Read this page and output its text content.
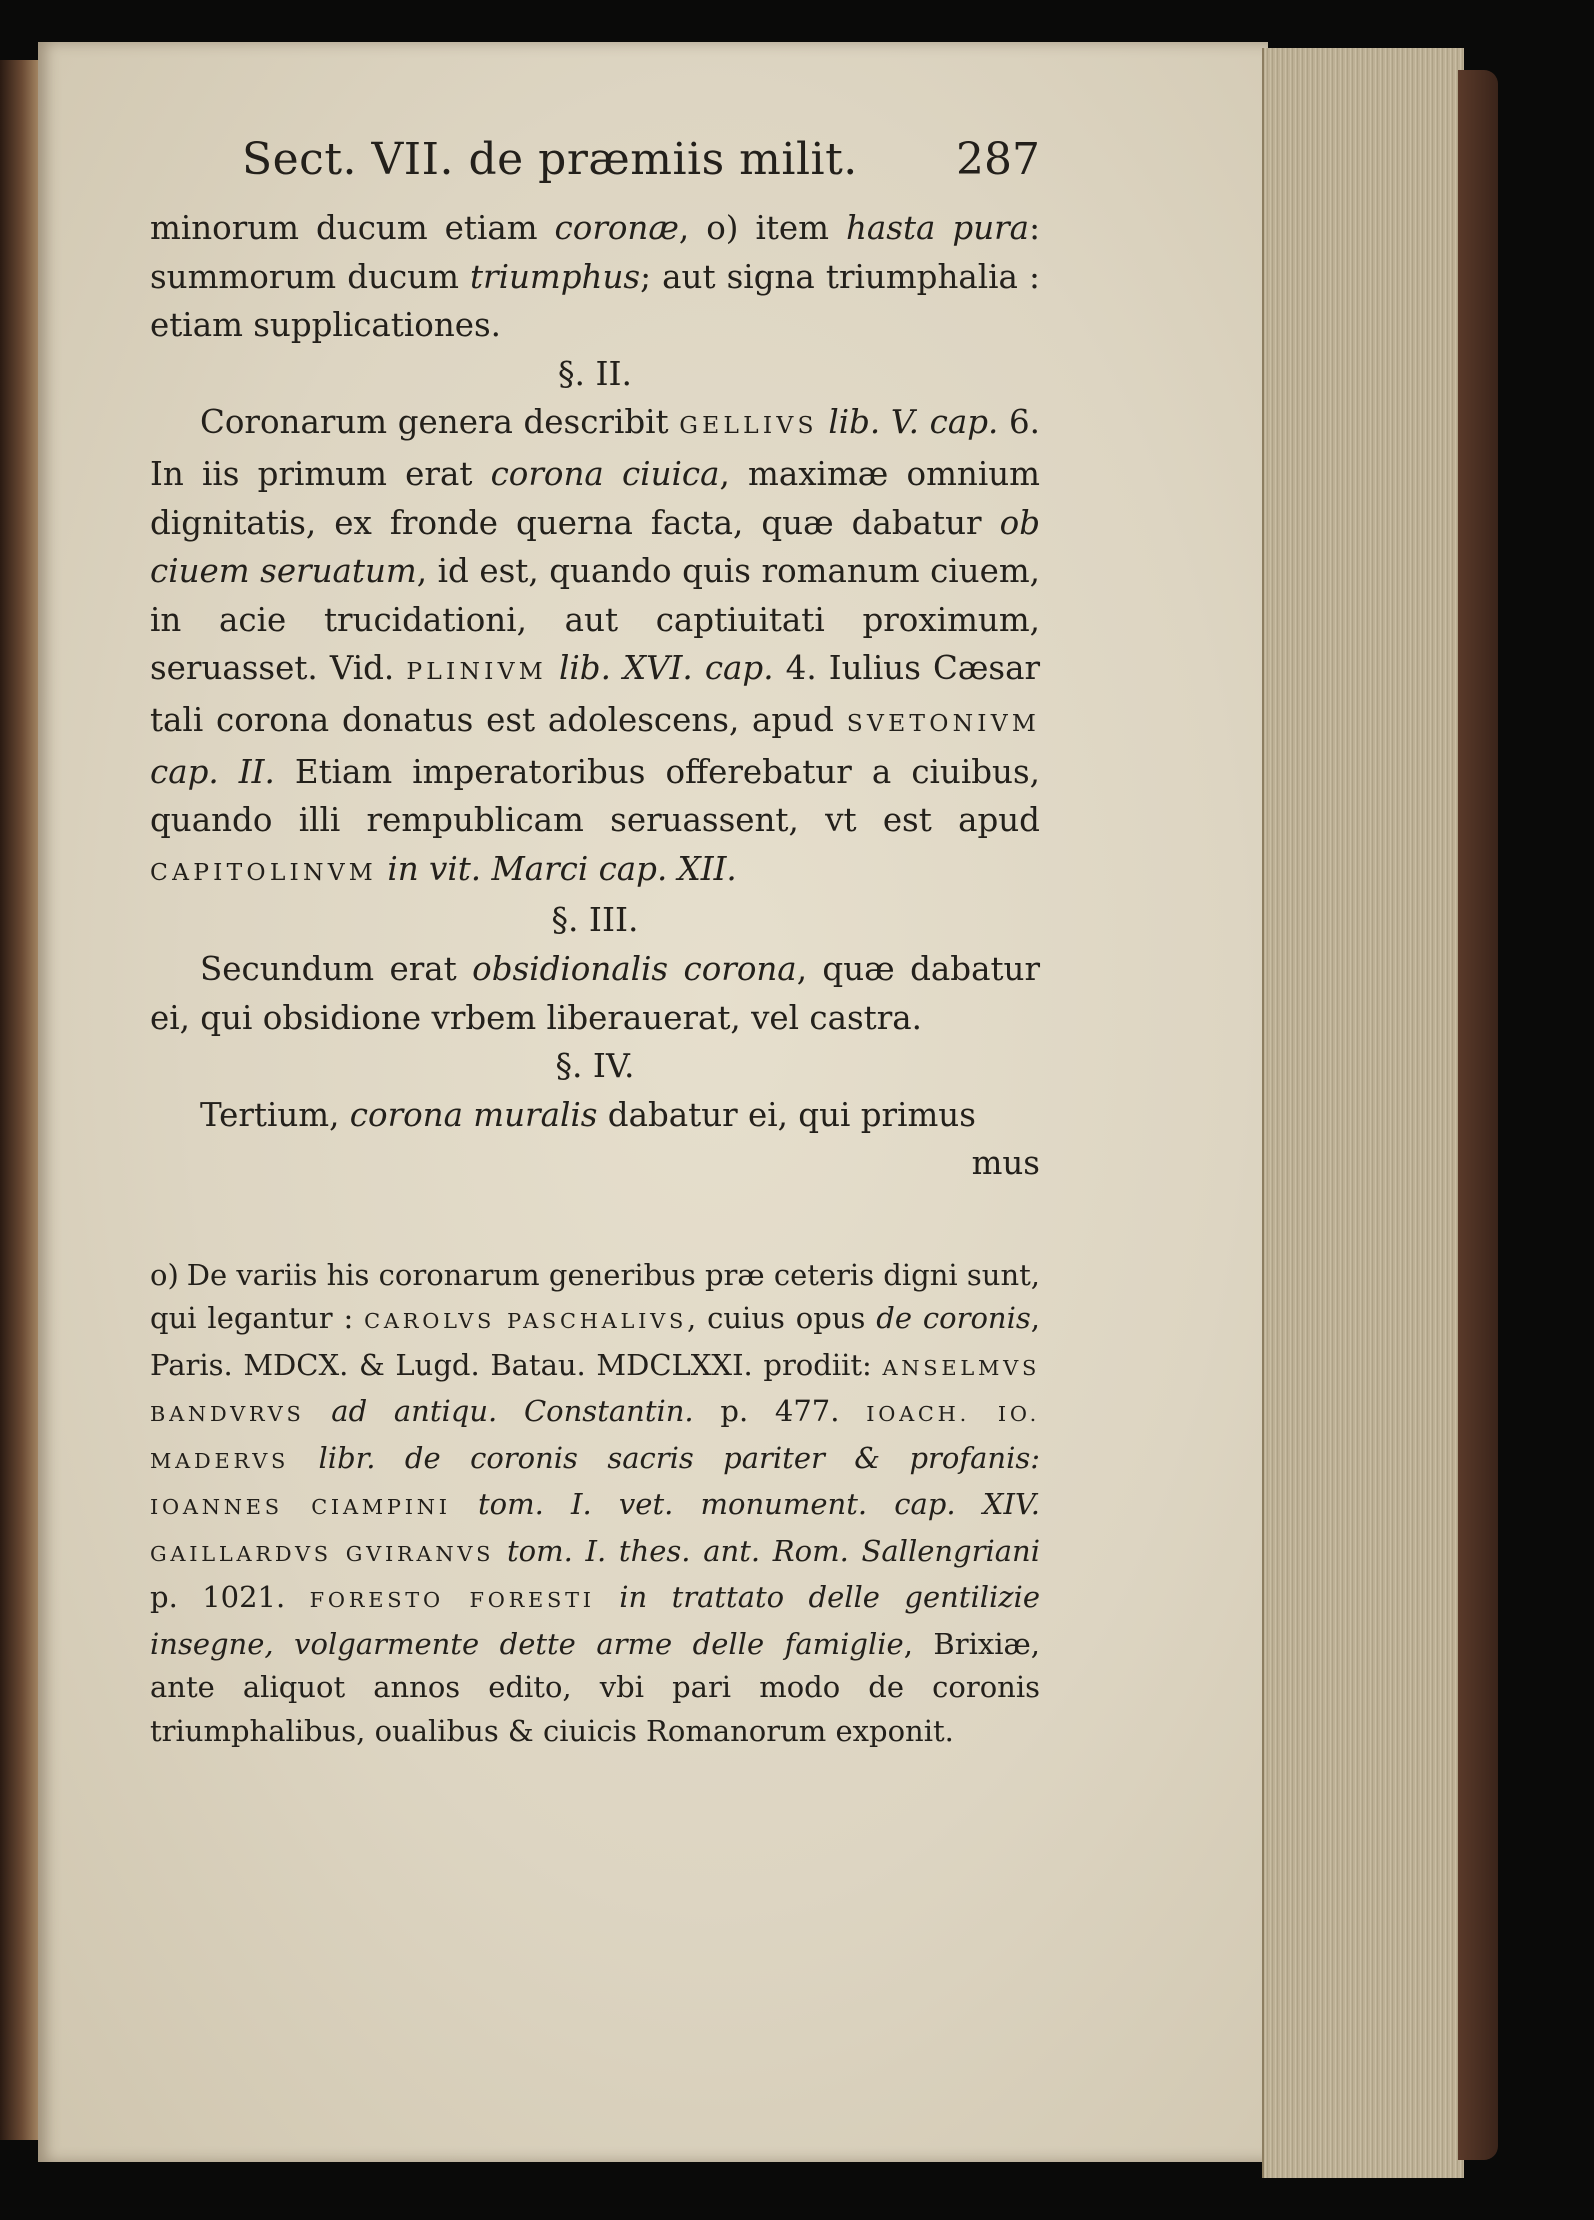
Sect. VII. de præmiis milit. 287

minorum ducum etiam coronæ, o) item hasta pura: summorum ducum triumphus; aut signa triumphalia : etiam supplicationes.

§. II.

Coronarum genera describit GELLIVS lib. V. cap. 6. In iis primum erat corona ciuica, maximæ omnium dignitatis, ex fronde querna facta, quæ dabatur ob ciuem seruatum, id est, quando quis romanum ciuem, in acie trucidationi, aut captiuitati proximum, seruasset. Vid. PLINIVM lib. XVI. cap. 4. Iulius Cæsar tali corona donatus est adolescens, apud SVETONIVM cap. II. Etiam imperatoribus offerebatur a ciuibus, quando illi rempublicam seruassent, vt est apud CAPITOLINVM in vit. Marci cap. XII.

§. III.

Secundum erat obsidionalis corona, quæ dabatur ei, qui obsidione vrbem liberauerat, vel castra.

§. IV.

Tertium, corona muralis dabatur ei, qui primus

mus

o) De variis his coronarum generibus præ ceteris digni sunt, qui legantur : CAROLVS PASCHALIVS, cuius opus de coronis, Paris. MDCX. & Lugd. Batau. MDCLXXI. prodiit: ANSELMVS BANDVRVS ad antiqu. Constantin. p. 477. IOACH. IO. MADERVS libr. de coronis sacris pariter & profanis: IOANNES CIAMPINI tom. I. vet. monument. cap. XIV. GAILLARDVS GVIRANVS tom. I. thes. ant. Rom. Sallengriani p. 1021. FORESTO FORESTI in trattato delle gentilizie insegne, volgarmente dette arme delle famiglie, Brixiæ, ante aliquot annos edito, vbi pari modo de coronis triumphalibus, oualibus & ciuicis Romanorum exponit.
